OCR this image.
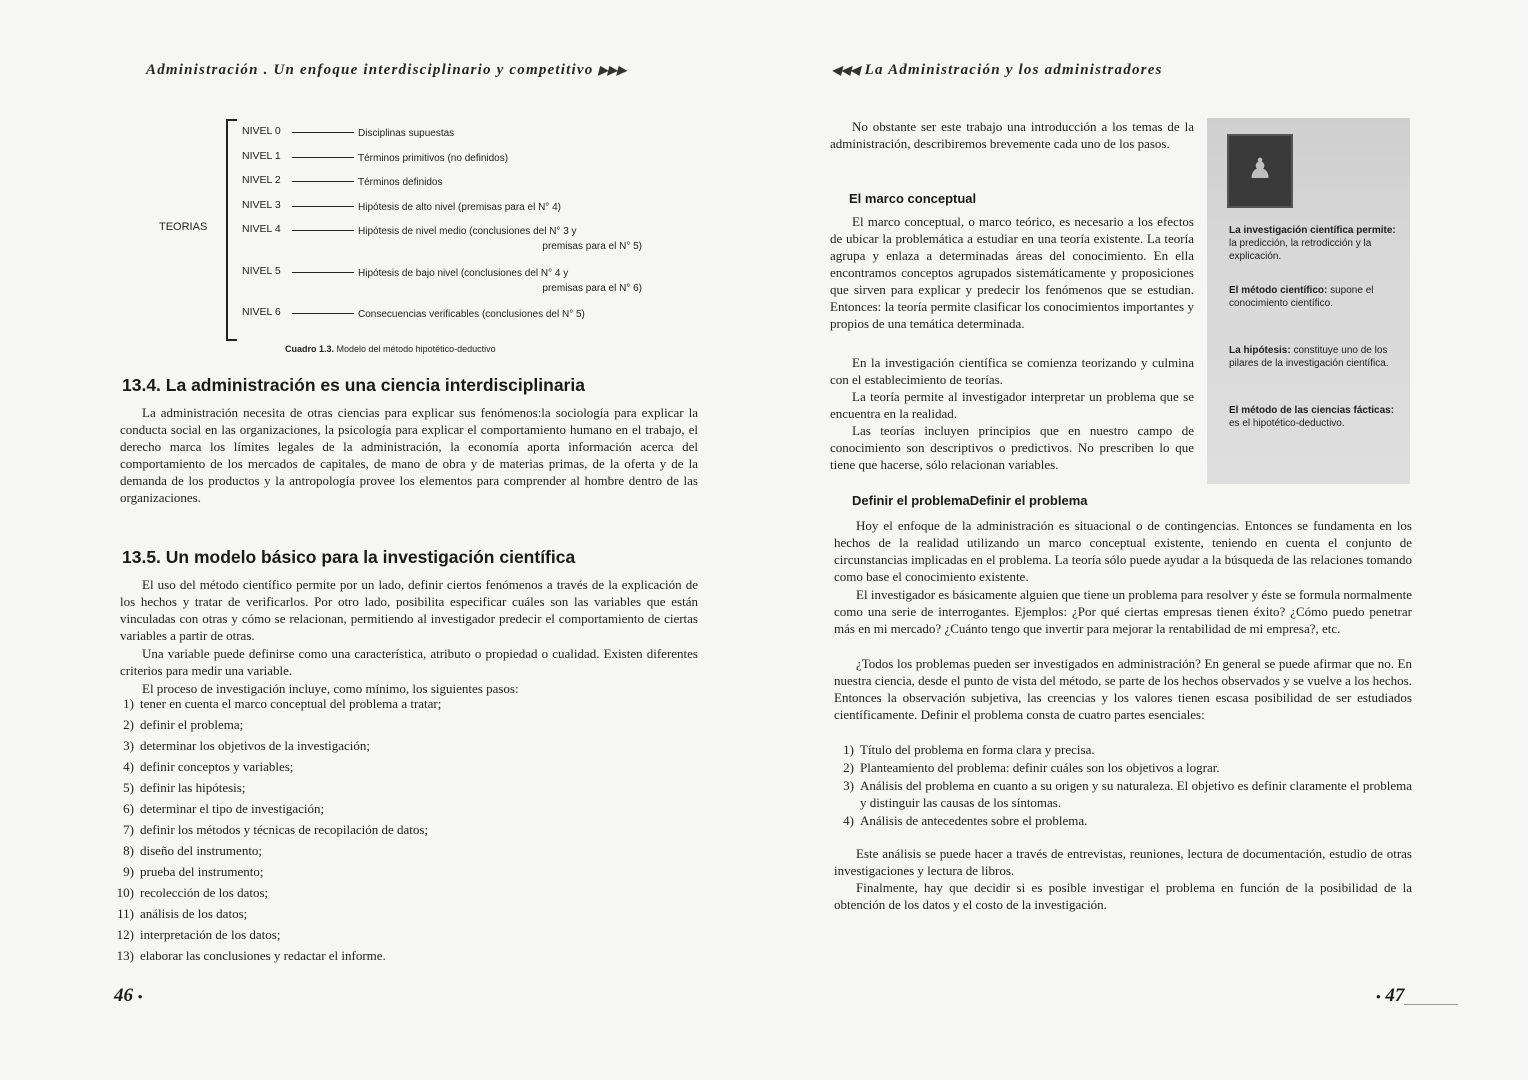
Administración . Un enfoque interdisciplinario y competitivo ▶▶▶
TEORIAS
NIVEL 0	Disciplinas supuestas
NIVEL 1	Términos primitivos (no definidos)
NIVEL 2	Términos definidos
NIVEL 3	Hipótesis de alto nivel (premisas para el N° 4)
NIVEL 4	Hipótesis de nivel medio (conclusiones del N° 3 y
premisas para el N° 5)
NIVEL 5	Hipótesis de bajo nivel (conclusiones del N° 4 y
premisas para el N° 6)
NIVEL 6	Consecuencias verificables (conclusiones del N° 5)
Cuadro 1.3. Modelo del método hipotético-deductivo
13.4. La administración es una ciencia interdisciplinaria

La administración necesita de otras ciencias para explicar sus fenómenos:la sociología para explicar la conducta social en las organizaciones, la psicología para explicar el comportamiento humano en el trabajo, el derecho marca los límites legales de la administración, la economía aporta información acerca del comportamiento de los mercados de capitales, de mano de obra y de materias primas, de la oferta y de la demanda de los productos y la antropología provee los elementos para comprender al hombre dentro de las organizaciones.

13.5. Un modelo básico para la investigación científica

El uso del método científico permite por un lado, definir ciertos fenómenos a través de la explicación de los hechos y tratar de verificarlos. Por otro lado, posibilita especificar cuáles son las variables que están vinculadas con otras y cómo se relacionan, permitiendo al investigador predecir el comportamiento de ciertas variables a partir de otras.

Una variable puede definirse como una característica, atributo o propiedad o cualidad. Existen diferentes criterios para medir una variable.

El proceso de investigación incluye, como mínimo, los siguientes pasos:

1) tener en cuenta el marco conceptual del problema a tratar;
2) definir el problema;
3) determinar los objetivos de la investigación;
4) definir conceptos y variables;
5) definir las hipótesis;
6) determinar el tipo de investigación;
7) definir los métodos y técnicas de recopilación de datos;
8) diseño del instrumento;
9) prueba del instrumento;
10) recolección de los datos;
11) análisis de los datos;
12) interpretación de los datos;
13) elaborar las conclusiones y redactar el informe.
46 •
◀◀◀ La Administración y los administradores

No obstante ser este trabajo una introducción a los temas de la administración, describiremos brevemente cada uno de los pasos.

El marco conceptual

El marco conceptual, o marco teórico, es necesario a los efectos de ubicar la problemática a estudiar en una teoría existente. La teoría agrupa y enlaza a determinadas áreas del conocimiento. En ella encontramos conceptos agrupados sistemáticamente y proposiciones que sirven para explicar y predecir los fenómenos que se estudian. Entonces: la teoría permite clasificar los conocimientos importantes y propios de una temática determinada.

En la investigación científica se comienza teorizando y culmina con el establecimiento de teorías.

La teoría permite al investigador interpretar un problema que se encuentra en la realidad.

Las teorías incluyen principios que en nuestro campo de conocimiento son descriptivos o predictivos. No prescriben lo que tiene que hacerse, sólo relacionan variables.

♟
La investigación científica permite: la predicción, la retrodicción y la explicación.
El método científico: supone el conocimiento científico.
La hipótesis: constituye uno de los pilares de la investigación científica.
El método de las ciencias fácticas: es el hipotético-deductivo.
Definir el problemaDefinir el problema

Hoy el enfoque de la administración es situacional o de contingencias. Entonces se fundamenta en los hechos de la realidad utilizando un marco conceptual existente, teniendo en cuenta el conjunto de circunstancias implicadas en el problema. La teoría sólo puede ayudar a la búsqueda de las relaciones tomando como base el conocimiento existente.

El investigador es básicamente alguien que tiene un problema para resolver y éste se formula normalmente como una serie de interrogantes. Ejemplos: ¿Por qué ciertas empresas tienen éxito? ¿Cómo puedo penetrar más en mi mercado? ¿Cuánto tengo que invertir para mejorar la rentabilidad de mi empresa?, etc.

¿Todos los problemas pueden ser investigados en administración? En general se puede afirmar que no. En nuestra ciencia, desde el punto de vista del método, se parte de los hechos observados y se vuelve a los hechos. Entonces la observación subjetiva, las creencias y los valores tienen escasa posibilidad de ser estudiados científicamente. Definir el problema consta de cuatro partes esenciales:

1) Título del problema en forma clara y precisa.
2) Planteamiento del problema: definir cuáles son los objetivos a lograr.
3) Análisis del problema en cuanto a su origen y su naturaleza. El objetivo es definir claramente el problema y distinguir las causas de los síntomas.
4) Análisis de antecedentes sobre el problema.

Este análisis se puede hacer a través de entrevistas, reuniones, lectura de documentación, estudio de otras investigaciones y lectura de libros.

Finalmente, hay que decidir si es posible investigar el problema en función de la posibilidad de la obtención de los datos y el costo de la investigación.

• 47
